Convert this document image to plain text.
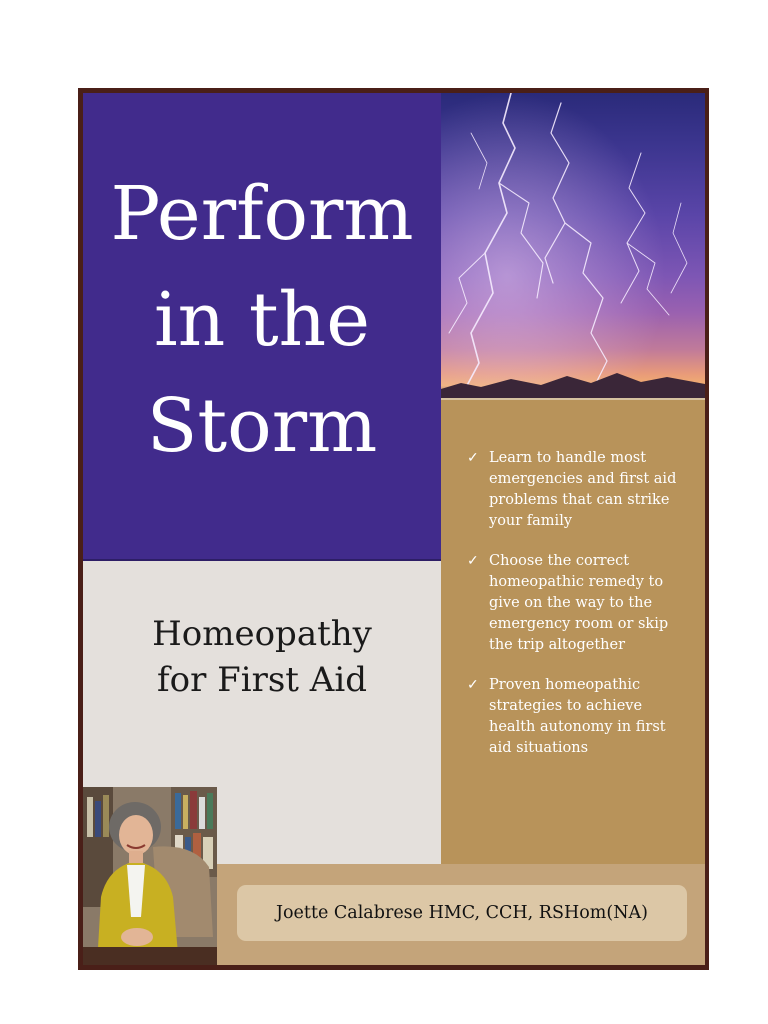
Perform
in the
Storm	✓ Learn to handle most emergencies and first aid problems that can strike your family
✓ Choose the correct homeopathic remedy to give on the way to the emergency room or skip the trip altogether
✓ Proven homeopathic strategies to achieve health autonomy in first aid situations
Homeopathy
for First Aid
Joette Calabrese HMC, CCH, RSHom(NA)
